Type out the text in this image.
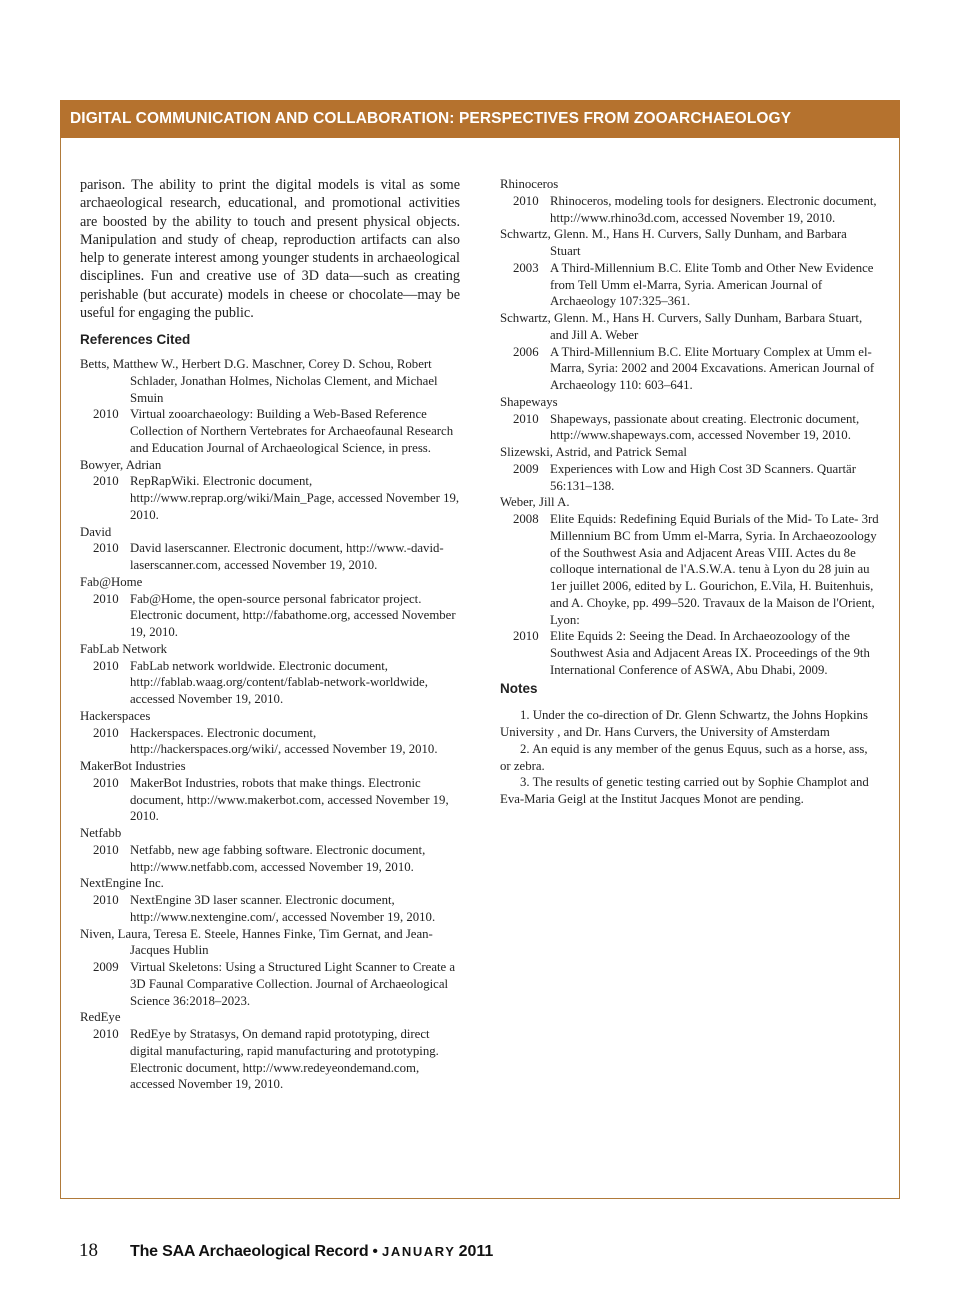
DIGITAL COMMUNICATION AND COLLABORATION: PERSPECTIVES FROM ZOOARCHAEOLOGY

parison. The ability to print the digital models is vital as some archaeological research, educational, and promotional activities are boosted by the ability to touch and present physical objects. Manipulation and study of cheap, reproduction artifacts can also help to generate interest among younger students in archaeological disciplines. Fun and creative use of 3D data—such as creating perishable (but accurate) models in cheese or chocolate—may be useful for engaging the public.

References Cited
Betts, Matthew W., Herbert D.G. Maschner, Corey D. Schou, Robert Schlader, Jonathan Holmes, Nicholas Clement, and Michael Smuin
2010 Virtual zooarchaeology: Building a Web-Based Reference Collection of Northern Vertebrates for Archaeofaunal Research and Education Journal of Archaeological Science, in press.
Bowyer, Adrian
2010 RepRapWiki. Electronic document, http://www.reprap.org/wiki/Main_Page, accessed November 19, 2010.
David
2010 David laserscanner. Electronic document, http://www.-david-laserscanner.com, accessed November 19, 2010.
Fab@Home
2010 Fab@Home, the open-source personal fabricator project. Electronic document, http://fabathome.org, accessed November 19, 2010.
FabLab Network
2010 FabLab network worldwide. Electronic document, http://fablab.waag.org/content/fablab-network-worldwide, accessed November 19, 2010.
Hackerspaces
2010 Hackerspaces. Electronic document, http://hackerspaces.org/wiki/, accessed November 19, 2010.
MakerBot Industries
2010 MakerBot Industries, robots that make things. Electronic document, http://www.makerbot.com, accessed November 19, 2010.
Netfabb
2010 Netfabb, new age fabbing software. Electronic document, http://www.netfabb.com, accessed November 19, 2010.
NextEngine Inc.
2010 NextEngine 3D laser scanner. Electronic document, http://www.nextengine.com/, accessed November 19, 2010.
Niven, Laura, Teresa E. Steele, Hannes Finke, Tim Gernat, and Jean-Jacques Hublin
2009 Virtual Skeletons: Using a Structured Light Scanner to Create a 3D Faunal Comparative Collection. Journal of Archaeological Science 36:2018–2023.
RedEye
2010 RedEye by Stratasys, On demand rapid prototyping, direct digital manufacturing, rapid manufacturing and prototyping. Electronic document, http://www.redeyeondemand.com, accessed November 19, 2010.
Rhinoceros
2010 Rhinoceros, modeling tools for designers. Electronic document, http://www.rhino3d.com, accessed November 19, 2010.
Schwartz, Glenn. M., Hans H. Curvers, Sally Dunham, and Barbara Stuart
2003 A Third-Millennium B.C. Elite Tomb and Other New Evidence from Tell Umm el-Marra, Syria. American Journal of Archaeology 107:325–361.
Schwartz, Glenn. M., Hans H. Curvers, Sally Dunham, Barbara Stuart, and Jill A. Weber
2006 A Third-Millennium B.C. Elite Mortuary Complex at Umm el-Marra, Syria: 2002 and 2004 Excavations. American Journal of Archaeology 110: 603–641.
Shapeways
2010 Shapeways, passionate about creating. Electronic document, http://www.shapeways.com, accessed November 19, 2010.
Slizewski, Astrid, and Patrick Semal
2009 Experiences with Low and High Cost 3D Scanners. Quartär 56:131–138.
Weber, Jill A.
2008 Elite Equids: Redefining Equid Burials of the Mid- To Late- 3rd Millennium BC from Umm el-Marra, Syria. In Archaeozoology of the Southwest Asia and Adjacent Areas VIII. Actes du 8e colloque international de l'A.S.W.A. tenu à Lyon du 28 juin au 1er juillet 2006, edited by L. Gourichon, E.Vila, H. Buitenhuis, and A. Choyke, pp. 499–520. Travaux de la Maison de l'Orient, Lyon:
2010 Elite Equids 2: Seeing the Dead. In Archaeozoology of the Southwest Asia and Adjacent Areas IX. Proceedings of the 9th International Conference of ASWA, Abu Dhabi, 2009.
Notes

1. Under the co-direction of Dr. Glenn Schwartz, the Johns Hopkins University , and Dr. Hans Curvers, the University of Amsterdam

2. An equid is any member of the genus Equus, such as a horse, ass, or zebra.

3. The results of genetic testing carried out by Sophie Champlot and Eva-Maria Geigl at the Institut Jacques Monot are pending.

18 The SAA Archaeological Record • JANUARY 2011
